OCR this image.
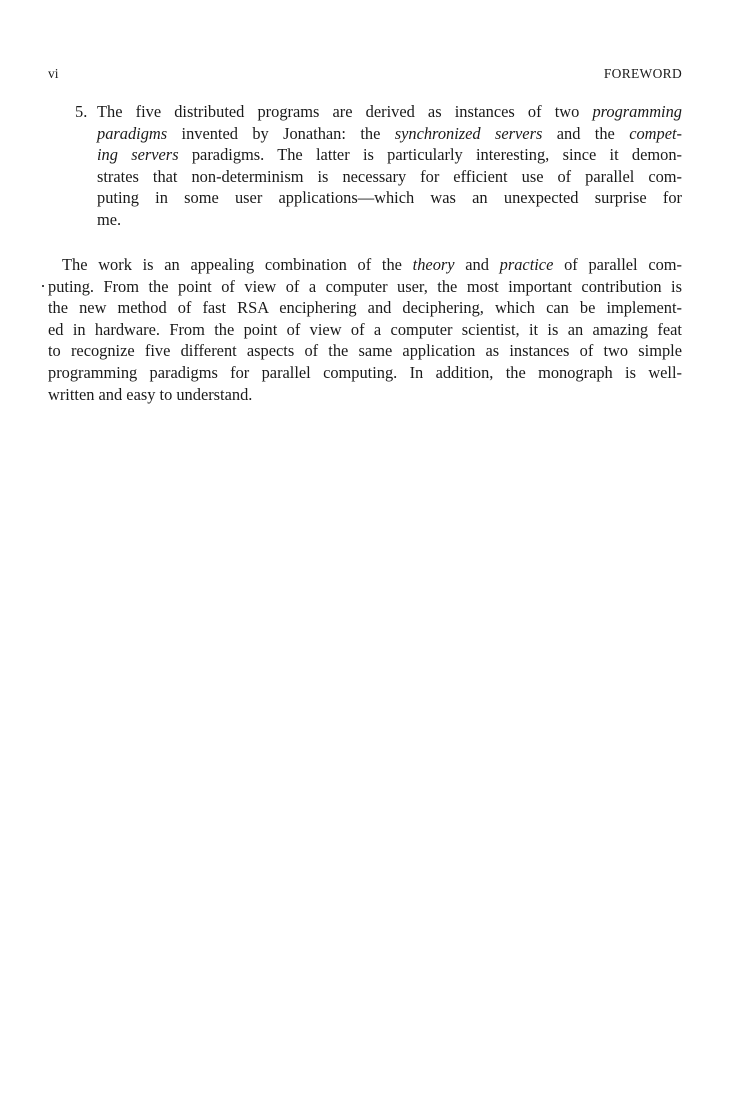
vi	FOREWORD
5. The five distributed programs are derived as instances of two programming
paradigms invented by Jonathan: the synchronized servers and the compet-
ing servers paradigms. The latter is particularly interesting, since it demon-
strates that non-determinism is necessary for efficient use of parallel com-
puting in some user applications—which was an unexpected surprise for
me.
The work is an appealing combination of the theory and practice of parallel com-
puting. From the point of view of a computer user, the most important contribution is
the new method of fast RSA enciphering and deciphering, which can be implement-
ed in hardware. From the point of view of a computer scientist, it is an amazing feat
to recognize five different aspects of the same application as instances of two simple
programming paradigms for parallel computing. In addition, the monograph is well-
written and easy to understand.
